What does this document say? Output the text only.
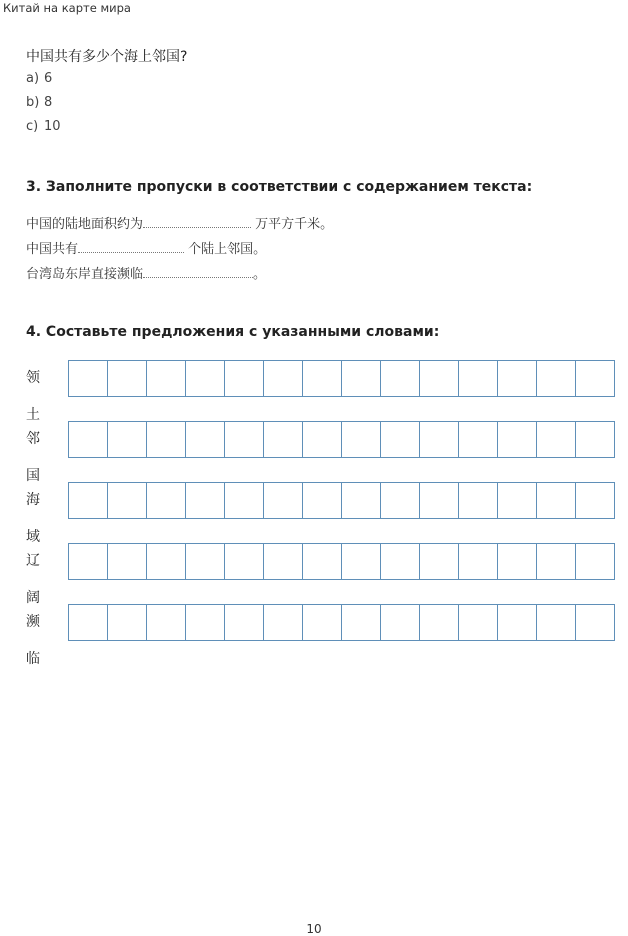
Китай на карте мира
中国共有多少个海上邻国?
a) 6
b) 8
c) 10
3. Заполните пропуски в соответствии с содержанием текста:
中国的陆地面积约为	万平方千米。
中国共有	个陆上邻国。
台湾岛东岸直接濒临	。
4. Составьте предложения с указанными словами:
领土
邻国
海域
辽阔
濒临
10
